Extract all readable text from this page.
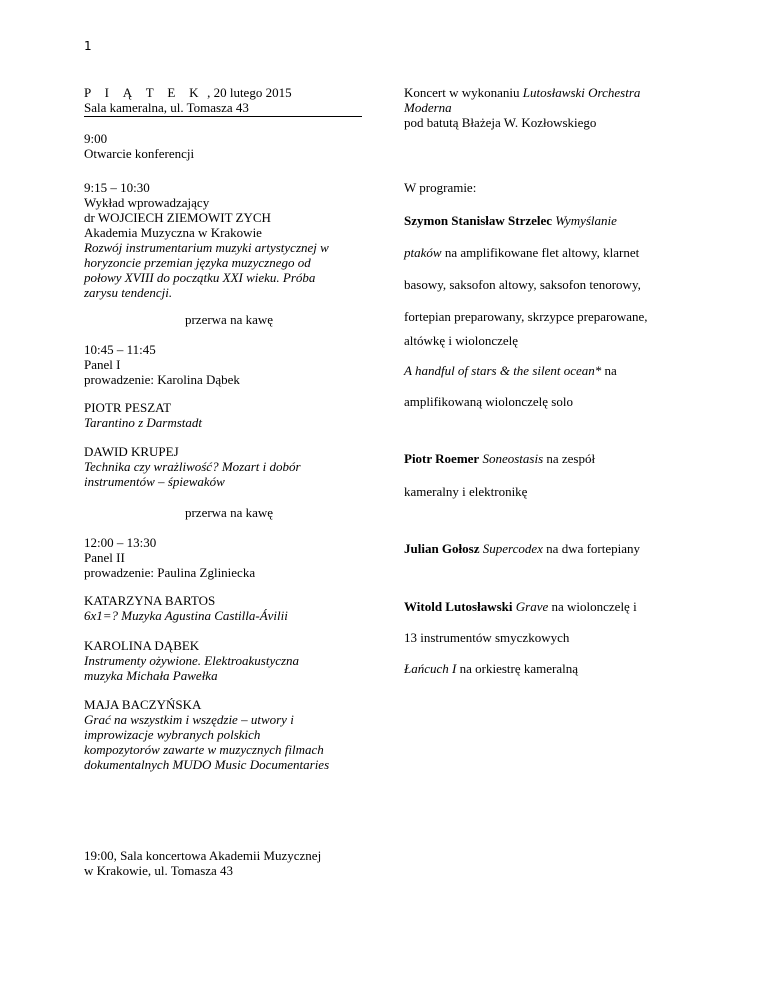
1
P I Ą T E K , 20 lutego 2015
Sala kameralna, ul. Tomasza 43
9:00
Otwarcie konferencji
9:15 – 10:30
Wykład wprowadzający
dr WOJCIECH ZIEMOWIT ZYCH
Akademia Muzyczna w Krakowie
Rozwój instrumentarium muzyki artystycznej w
horyzoncie przemian języka muzycznego od
połowy XVIII do początku XXI wieku. Próba
zarysu tendencji.
przerwa na kawę
10:45 – 11:45
Panel I
prowadzenie: Karolina Dąbek
PIOTR PESZAT
Tarantino z Darmstadt
DAWID KRUPEJ
Technika czy wrażliwość? Mozart i dobór
instrumentów – śpiewaków
przerwa na kawę
12:00 – 13:30
Panel II
prowadzenie: Paulina Zgliniecka
KATARZYNA BARTOS
6x1=? Muzyka Agustina Castilla-Ávilii
KAROLINA DĄBEK
Instrumenty ożywione. Elektroakustyczna
muzyka Michała Pawełka
MAJA BACZYŃSKA
Grać na wszystkim i wszędzie – utwory i
improwizacje wybranych polskich
kompozytorów zawarte w muzycznych filmach
dokumentalnych MUDO Music Documentaries
19:00, Sala koncertowa Akademii Muzycznej
w Krakowie, ul. Tomasza 43
Koncert w wykonaniu Lutosławski Orchestra
Moderna
pod batutą Błażeja W. Kozłowskiego
W programie:
Szymon Stanisław Strzelec Wymyślanie
ptaków na amplifikowane flet altowy, klarnet
basowy, saksofon altowy, saksofon tenorowy,
fortepian preparowany, skrzypce preparowane,
altówkę i wiolonczelę
A handful of stars & the silent ocean* na
amplifikowaną wiolonczelę solo
Piotr Roemer Soneostasis na zespół
kameralny i elektronikę
Julian Gołosz Supercodex na dwa fortepiany
Witold Lutosławski Grave na wiolonczelę i
13 instrumentów smyczkowych
Łańcuch I na orkiestrę kameralną
